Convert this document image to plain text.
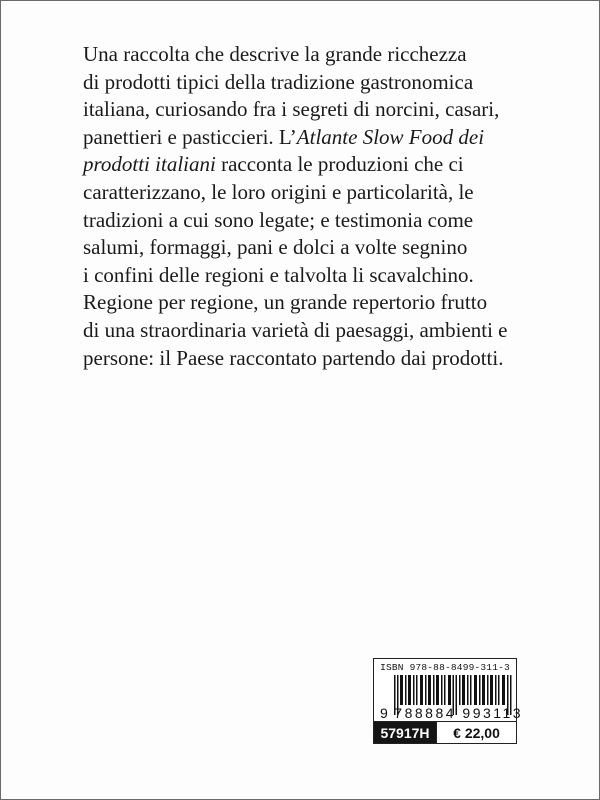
Una raccolta che descrive la grande ricchezza
di prodotti tipici della tradizione gastronomica
italiana, curiosando fra i segreti di norcini, casari,
panettieri e pasticcieri. L’Atlante Slow Food dei
prodotti italiani racconta le produzioni che ci
caratterizzano, le loro origini e particolarità, le
tradizioni a cui sono legate; e testimonia come
salumi, formaggi, pani e dolci a volte segnino
i confini delle regioni e talvolta li scavalchino.
Regione per regione, un grande repertorio frutto
di una straordinaria varietà di paesaggi, ambienti e
persone: il Paese raccontato partendo dai prodotti.
ISBN 978-88-8499-311-3
9 788884 993113
57917H	€ 22,00
